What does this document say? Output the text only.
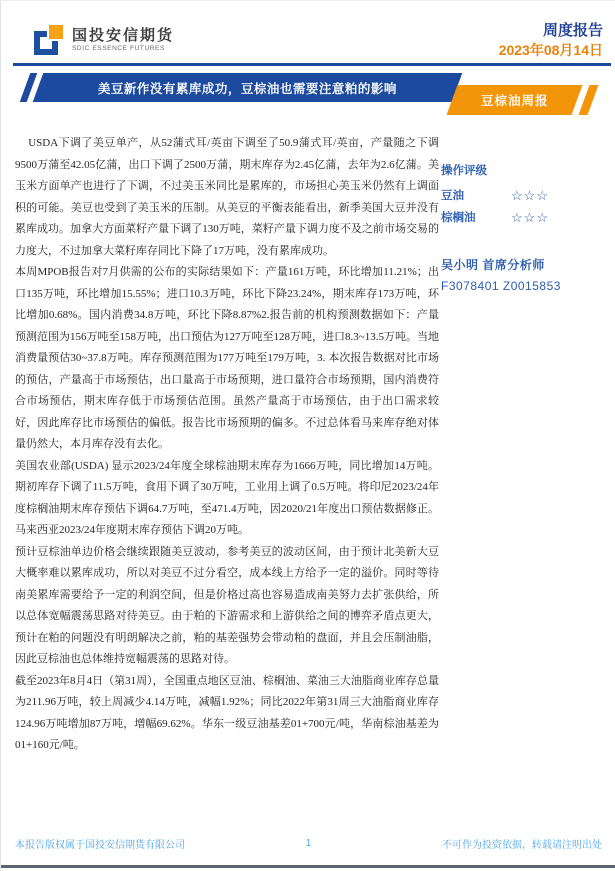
国投安信期货
SDIC ESSENCE FUTURES
周度报告
2023年08月14日
美豆新作没有累库成功，豆棕油也需要注意粕的影响
豆棕油周报

USDA下调了美豆单产，从52蒲式耳/英亩下调至了50.9蒲式耳/英亩，产量随之下调9500万蒲至42.05亿蒲，出口下调了2500万蒲，期末库存为2.45亿蒲，去年为2.6亿蒲。美玉米方面单产也进行了下调，不过美玉米同比是累库的，市场担心美玉米仍然有上调面积的可能。美豆也受到了美玉米的压制。从美豆的平衡表能看出，新季美国大豆并没有累库成功。加拿大方面菜籽产量下调了130万吨，菜籽产量下调力度不及之前市场交易的力度大，不过加拿大菜籽库存同比下降了17万吨，没有累库成功。

本周MPOB报告对7月供需的公布的实际结果如下：产量161万吨，环比增加11.21%；出口135万吨，环比增加15.55%；进口10.3万吨，环比下降23.24%，期末库存173万吨，环比增加0.68%。国内消费34.8万吨，环比下降8.87%2.报告前的机构预测数据如下：产量预测范围为156万吨至158万吨，出口预估为127万吨至128万吨，进口8.3~13.5万吨。当地消费量预估30~37.8万吨。库存预测范围为177万吨至179万吨，3. 本次报告数据对比市场的预估，产量高于市场预估，出口量高于市场预期，进口量符合市场预期，国内消费符合市场预估，期末库存低于市场预估范围。虽然产量高于市场预估，由于出口需求较好，因此库存比市场预估的偏低。报告比市场预期的偏多。不过总体看马来库存绝对体量仍然大，本月库存没有去化。

美国农业部(USDA) 显示2023/24年度全球棕油期末库存为1666万吨，同比增加14万吨。期初库存下调了11.5万吨，食用下调了30万吨，工业用上调了0.5万吨。将印尼2023/24年度棕榈油期末库存预估下调64.7万吨，至471.4万吨，因2020/21年度出口预估数据修正。马来西亚2023/24年度期末库存预估下调20万吨。

预计豆棕油单边价格会继续跟随美豆波动，参考美豆的波动区间，由于预计北美新大豆大概率难以累库成功，所以对美豆不过分看空，成本线上方给予一定的溢价。同时等待南美累库需要给予一定的利润空间，但是价格过高也容易造成南美努力去扩张供给，所以总体宽幅震荡思路对待美豆。由于粕的下游需求和上游供给之间的博弈矛盾点更大，预计在粕的问题没有明朗解决之前，粕的基差强势会带动粕的盘面，并且会压制油脂，因此豆棕油也总体维持宽幅震荡的思路对待。

截至2023年8月4日（第31周），全国重点地区豆油、棕榈油、菜油三大油脂商业库存总量为211.96万吨，较上周减少4.14万吨，减幅1.92%；同比2022年第31周三大油脂商业库存124.96万吨增加87万吨，增幅69.62%。华东一级豆油基差01+700元/吨，华南棕油基差为01+160元/吨。

操作评级
豆油	☆☆☆
棕榈油	☆☆☆
吴小明 首席分析师
F3078401 Z0015853
本报告版权属于国投安信期货有限公司	1	不可作为投资依据，转载请注明出处
